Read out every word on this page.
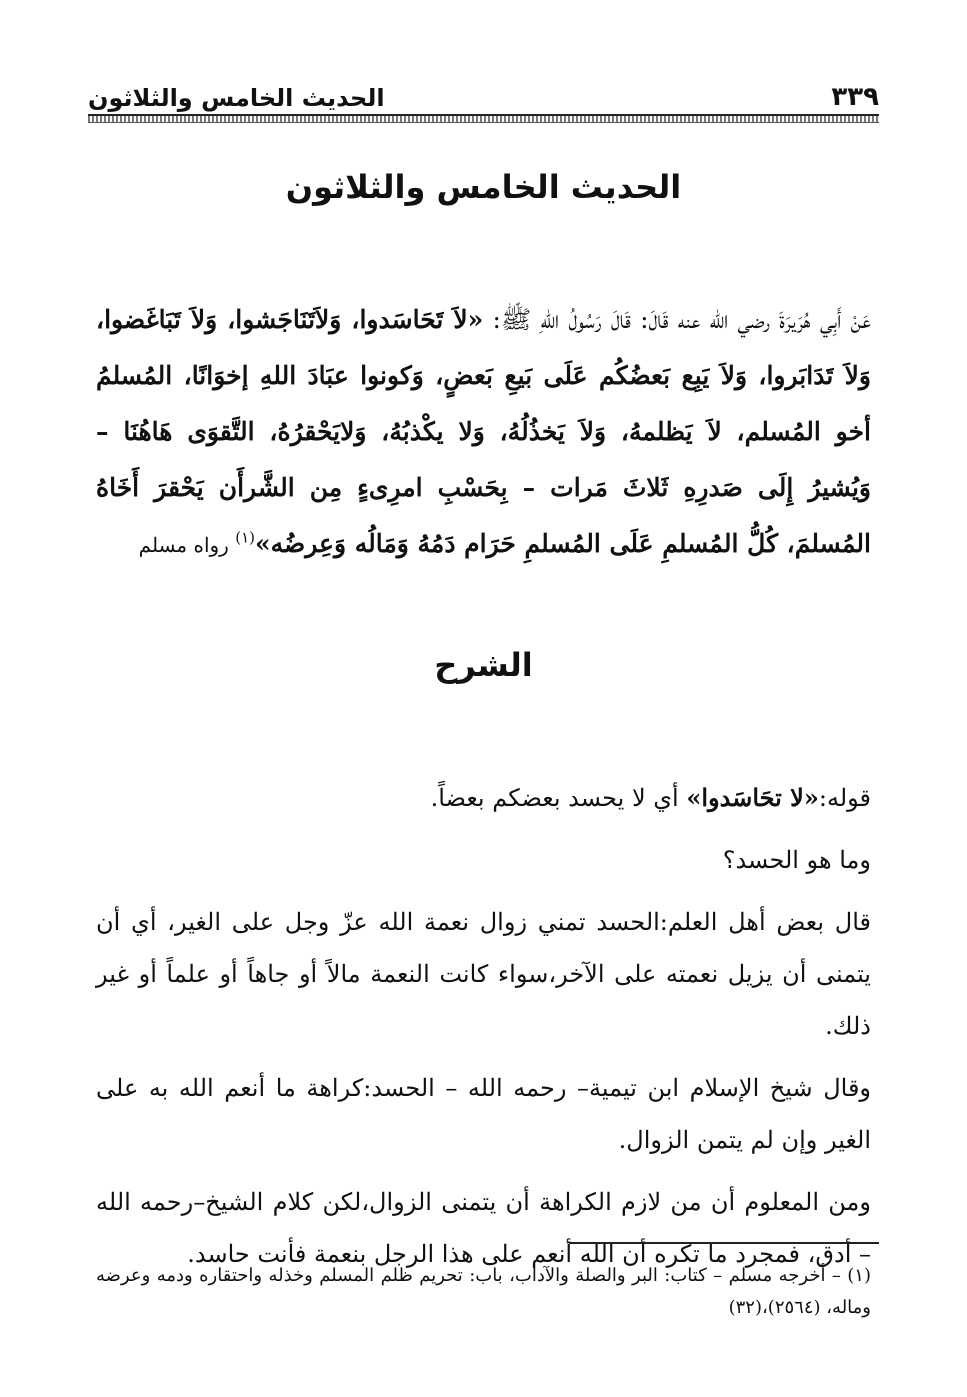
٣٣٩
الحديث الخامس والثلاثون
الحديث الخامس والثلاثون

عَنْ أَبِي هُرَيرَةَ رضي الله عنه قَالَ: قَالَ رَسُولُ اللهِ ﷺ: «لاَ تَحَاسَدوا، وَلاَتَنَاجَشوا، وَلاَ تَبَاغَضوا، وَلاَ تَدَابَروا، وَلاَ يَبِع بَعضُكُم عَلَى بَيعِ بَعضٍ، وَكونوا عبَادَ اللهِ إخوَانًا، المُسلمُ أخو المُسلم، لاَ يَظلمهُ، وَلاَ يَخذُلُهُ، وَلا يكْذبُهُ، وَلايَحْقرُهُ، التَّقوَى هَاهُنَا – وَيُشيرُ إِلَى صَدرِهِ ثَلاثَ مَرات – بِحَسْبِ امرِىءٍ مِن الشَّرأَن يَحْقرَ أَخَاهُ المُسلمَ، كُلُّ المُسلمِ عَلَى المُسلمِ حَرَام دَمُهُ وَمَالُه وَعِرضُه»$^{(١)}$ رواه مسلم

الشرح

قوله:«لا تحَاسَدوا» أي لا يحسد بعضكم بعضاً.

وما هو الحسد؟

قال بعض أهل العلم:الحسد تمني زوال نعمة الله عزّ وجل على الغير، أي أن يتمنى أن يزيل نعمته على الآخر،سواء كانت النعمة مالاً أو جاهاً أو علماً أو غير ذلك.

وقال شيخ الإسلام ابن تيمية– رحمه الله – الحسد:كراهة ما أنعم الله به على الغير وإن لم يتمن الزوال.

ومن المعلوم أن من لازم الكراهة أن يتمنى الزوال،لكن كلام الشيخ–رحمه الله – أدق، فمجرد ما تكره أن الله أنعم على هذا الرجل بنعمة فأنت حاسد.

(١) – أخرجه مسلم – كتاب: البر والصلة والآداب، باب: تحريم ظلم المسلم وخذله واحتقاره ودمه وعرضه وماله، (٢٥٦٤)،(٣٢)
